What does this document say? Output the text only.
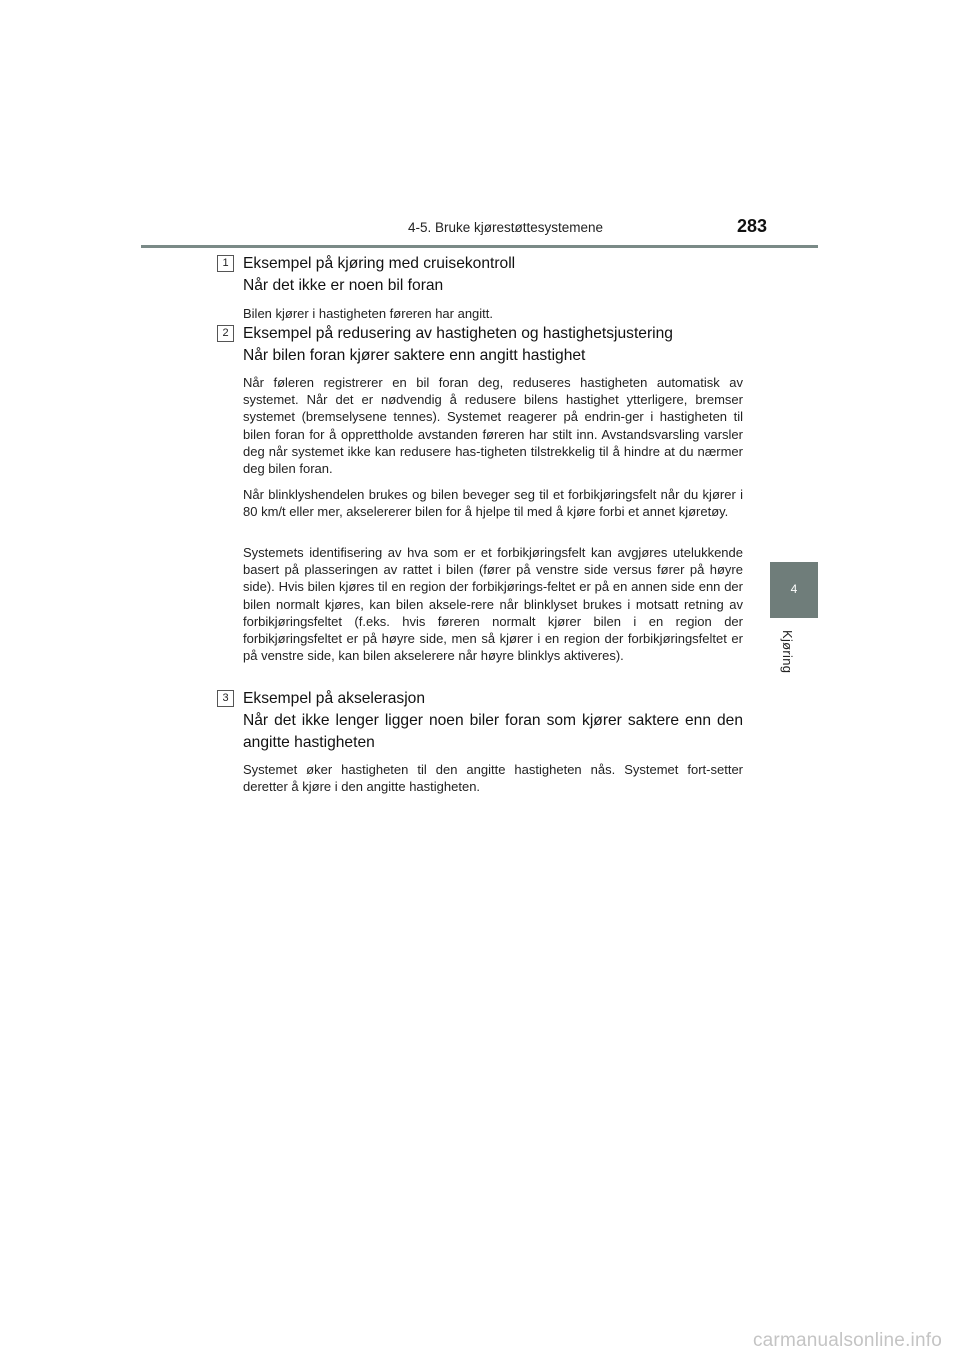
4-5. Bruke kjørestøttesystemene	283
4
Kjøring
1 Eksempel på kjøring med cruisekontroll
Når det ikke er noen bil foran

Bilen kjører i hastigheten føreren har angitt.

2 Eksempel på redusering av hastigheten og hastighetsjustering
Når bilen foran kjører saktere enn angitt hastighet

Når føleren registrerer en bil foran deg, reduseres hastigheten automatisk av systemet. Når det er nødvendig å redusere bilens hastighet ytterligere, bremser systemet (bremselysene tennes). Systemet reagerer på endrin-ger i hastigheten til bilen foran for å opprettholde avstanden føreren har stilt inn. Avstandsvarsling varsler deg når systemet ikke kan redusere has-tigheten tilstrekkelig til å hindre at du nærmer deg bilen foran.

Når blinklyshendelen brukes og bilen beveger seg til et forbikjøringsfelt når du kjører i 80 km/t eller mer, akselererer bilen for å hjelpe til med å kjøre forbi et annet kjøretøy.

Systemets identifisering av hva som er et forbikjøringsfelt kan avgjøres utelukkende basert på plasseringen av rattet i bilen (fører på venstre side versus fører på høyre side). Hvis bilen kjøres til en region der forbikjørings-feltet er på en annen side enn der bilen normalt kjøres, kan bilen aksele-rere når blinklyset brukes i motsatt retning av forbikjøringsfeltet (f.eks. hvis føreren normalt kjører bilen i en region der forbikjøringsfeltet er på høyre side, men så kjører i en region der forbikjøringsfeltet er på venstre side, kan bilen akselerere når høyre blinklys aktiveres).

3 Eksempel på akselerasjon
Når det ikke lenger ligger noen biler foran som kjører saktere enn den angitte hastigheten

Systemet øker hastigheten til den angitte hastigheten nås. Systemet fort-setter deretter å kjøre i den angitte hastigheten.

carmanualsonline.info
